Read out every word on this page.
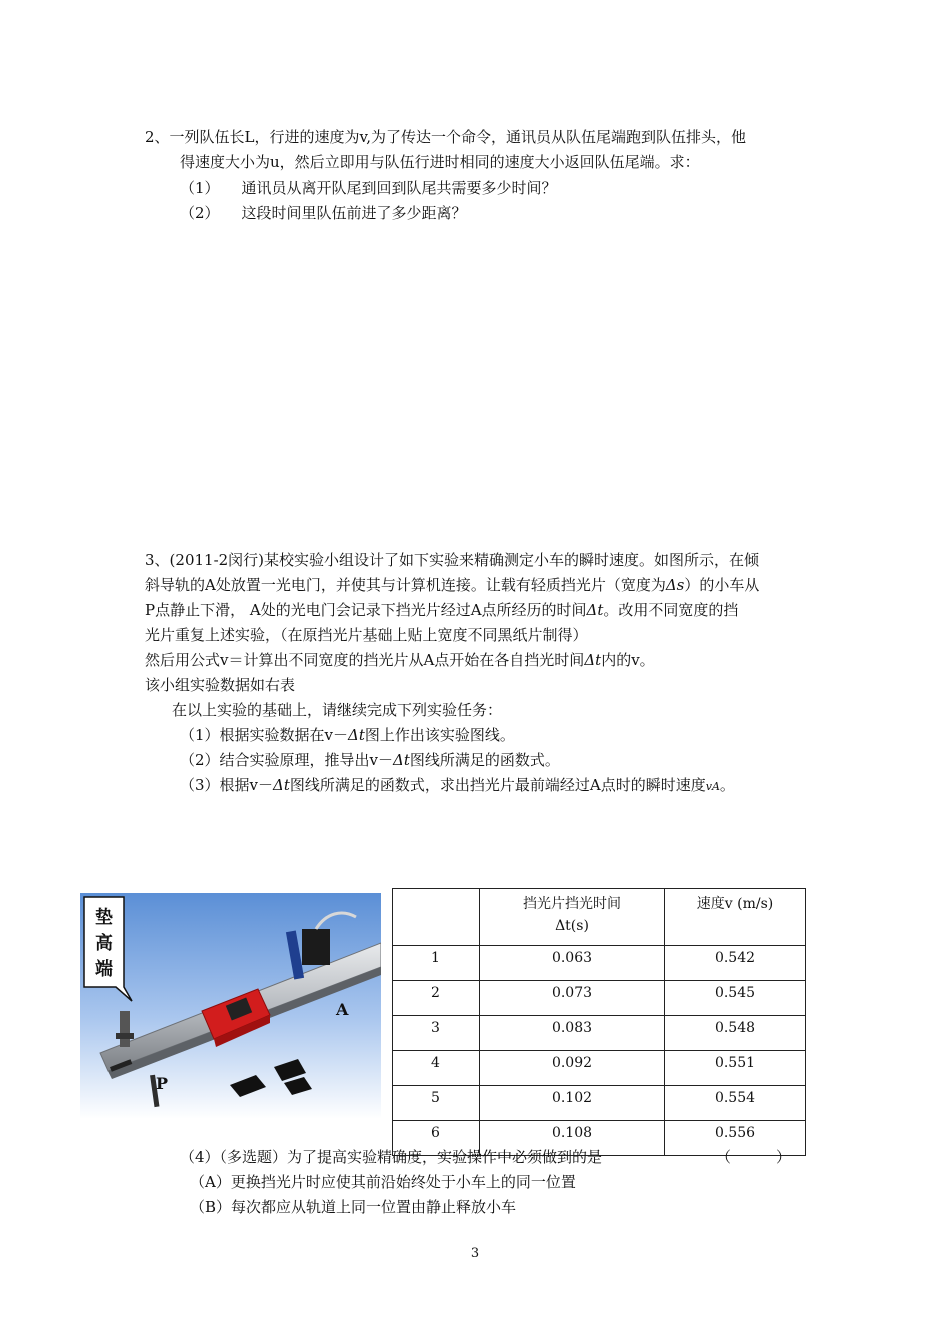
2、一列队伍长L，行进的速度为v,为了传达一个命令，通讯员从队伍尾端跑到队伍排头，他
得速度大小为u，然后立即用与队伍行进时相同的速度大小返回队伍尾端。求：
（1） 通讯员从离开队尾到回到队尾共需要多少时间？
（2） 这段时间里队伍前进了多少距离？
3、(2011-2闵行)某校实验小组设计了如下实验来精确测定小车的瞬时速度。如图所示，在倾
斜导轨的A处放置一光电门，并使其与计算机连接。让载有轻质挡光片（宽度为Δs）的小车从
P点静止下滑， A处的光电门会记录下挡光片经过A点所经历的时间Δt。改用不同宽度的挡
光片重复上述实验，（在原挡光片基础上贴上宽度不同黑纸片制得）
然后用公式v＝计算出不同宽度的挡光片从A点开始在各自挡光时间Δt内的v。
该小组实验数据如右表
在以上实验的基础上，请继续完成下列实验任务：
（1）根据实验数据在v－Δt图上作出该实验图线。
（2）结合实验原理，推导出v－Δt图线所满足的函数式。
（3）根据v－Δt图线所满足的函数式，求出挡光片最前端经过A点时的瞬时速度vA。
垫
高
端
A
P

	挡光片挡光时间
Δt(s)	速度v (m/s)
1	0.063	0.542
2	0.073	0.545
3	0.083	0.548
4	0.092	0.551
5	0.102	0.554
6	0.108	0.556
（4）（多选题）为了提高实验精确度，实验操作中必须做到的是	（　　　）
（A）更换挡光片时应使其前沿始终处于小车上的同一位置
（B）每次都应从轨道上同一位置由静止释放小车
3
